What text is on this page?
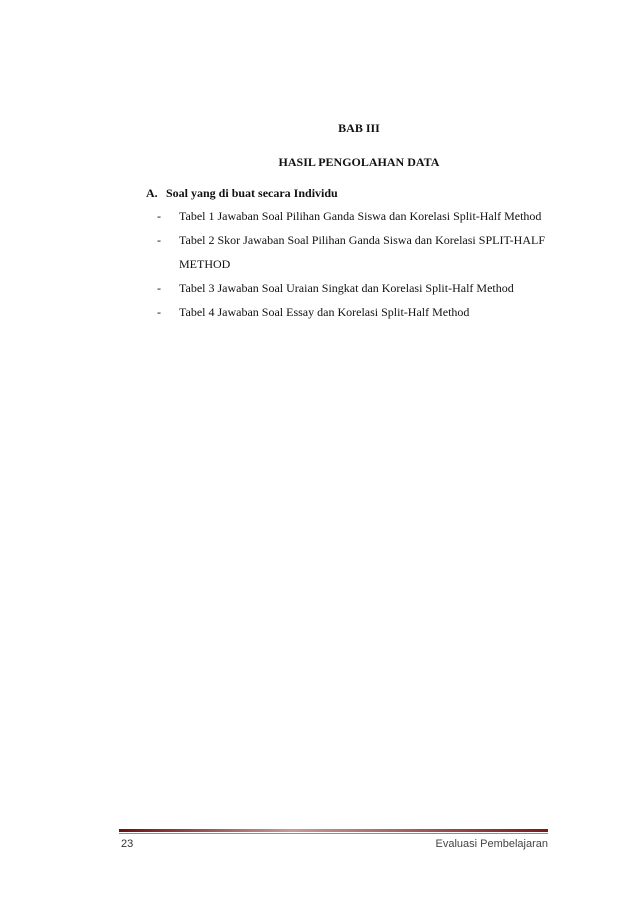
BAB III
HASIL PENGOLAHAN DATA
A. Soal yang di buat secara Individu
- Tabel 1 Jawaban Soal Pilihan Ganda Siswa dan Korelasi Split-Half Method
- Tabel 2 Skor Jawaban Soal Pilihan Ganda Siswa dan Korelasi SPLIT-HALF METHOD
- Tabel 3 Jawaban Soal Uraian Singkat dan Korelasi Split-Half Method
- Tabel 4 Jawaban Soal Essay dan Korelasi Split-Half Method
23	Evaluasi Pembelajaran
